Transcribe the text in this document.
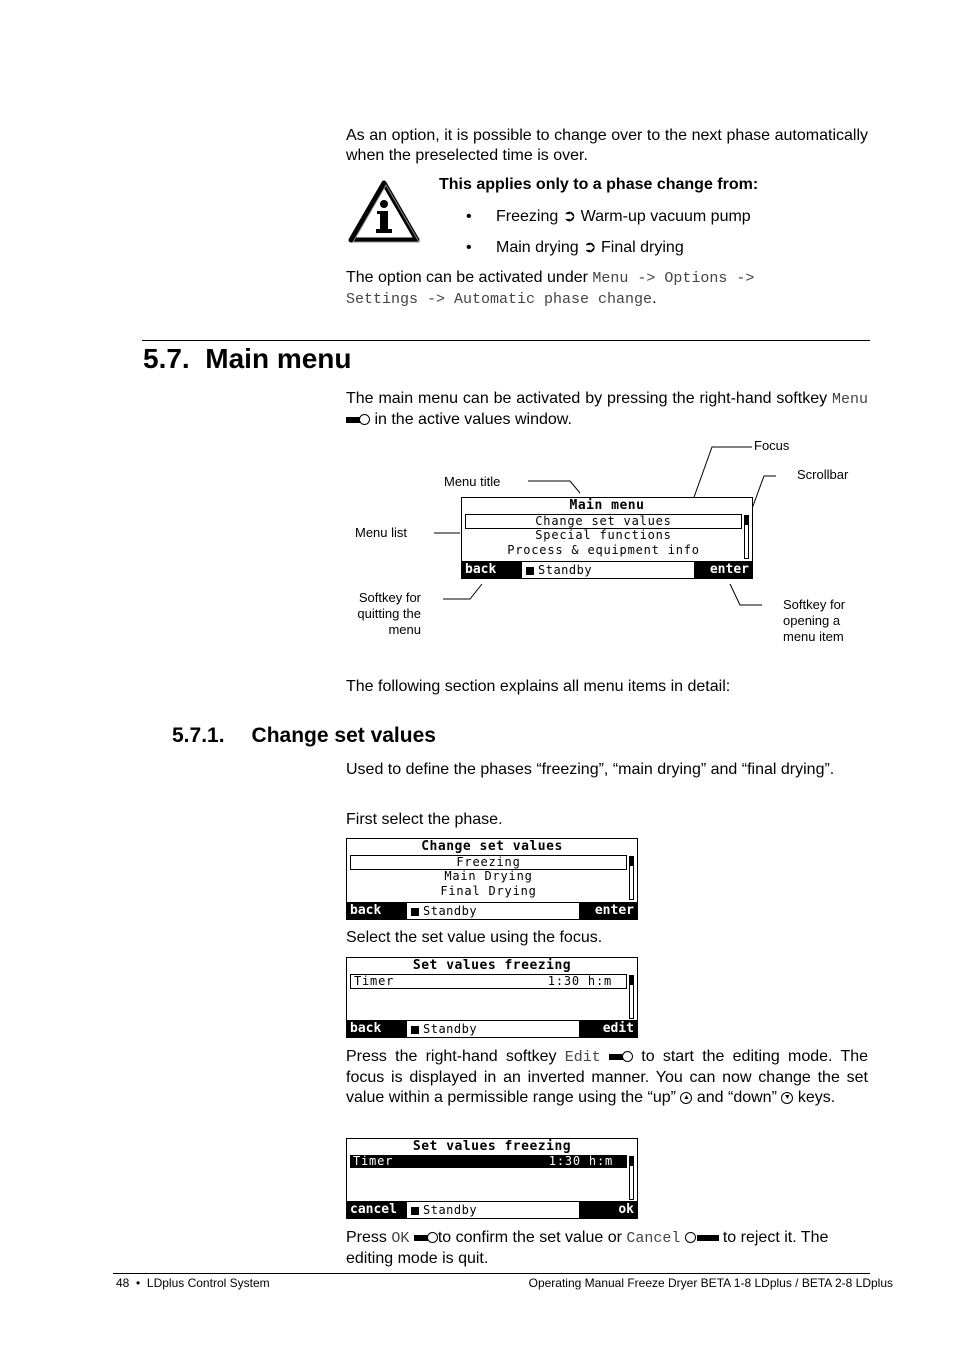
As an option, it is possible to change over to the next phase automatically when the preselected time is over.
This applies only to a phase change from:
• Freezing ➲ Warm-up vacuum pump
• Main drying ➲ Final drying
The option can be activated under Menu -> Options ->
Settings -> Automatic phase change.
5.7. Main menu
The main menu can be activated by pressing the right-hand softkey Menu
in the active values window.
Focus
Scrollbar
Menu title
Menu list
Softkey for quitting the menu
Softkey for opening a menu item
Main menu
Change set values
Special functions
Process & equipment info
back	Standby	enter
The following section explains all menu items in detail:
5.7.1. Change set values
Used to define the phases “freezing”, “main drying” and “final drying”.
First select the phase.
Change set values
Freezing
Main Drying
Final Drying
back	Standby	enter
Select the set value using the focus.
Set values freezing
Timer	1:30 h:m
back	Standby	edit
Press the right-hand softkey Edit	to start the editing mode. The focus is displayed in an inverted manner. You can now change the set value within a permissible range using the “up” ▲ and “down” ▼ keys.
Set values freezing
Timer	1:30 h:m
cancel	Standby	ok
Press OK to confirm the set value or Cancel	to reject it. The editing mode is quit.
48  •  LDplus Control System	Operating Manual Freeze Dryer BETA 1-8 LDplus / BETA 2-8 LDplus
